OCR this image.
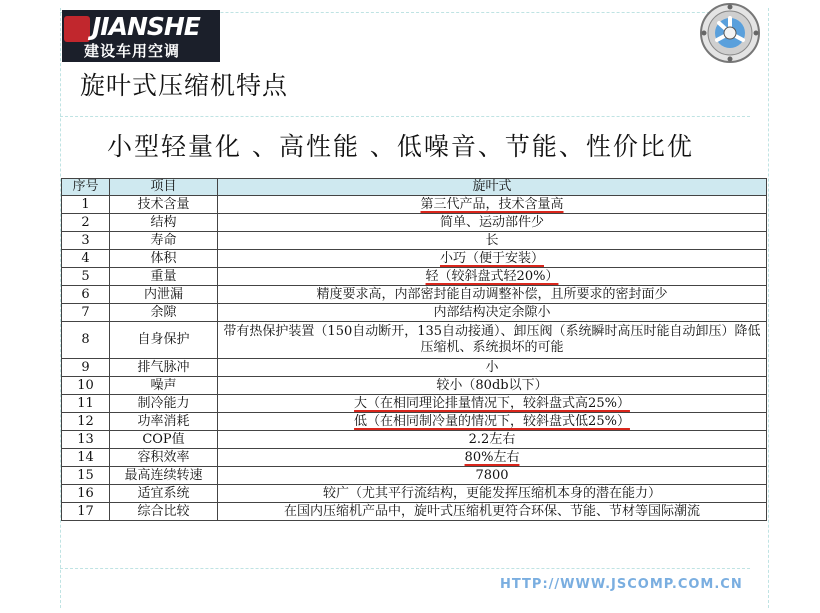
JIANSHE
建设车用空调
旋叶式压缩机特点
小型轻量化 、高性能 、低噪音、节能、性价比优
序号	项目	旋叶式
1	技术含量	第三代产品，技术含量高
2	结构	简单、运动部件少
3	寿命	长
4	体积	小巧（便于安装）
5	重量	轻（较斜盘式轻20%）
6	内泄漏	精度要求高，内部密封能自动调整补偿，且所要求的密封面少
7	余隙	内部结构决定余隙小
8	自身保护	带有热保护装置（150自动断开，135自动接通）、卸压阀（系统瞬时高压时能自动卸压）降低压缩机、系统损坏的可能
9	排气脉冲	小
10	噪声	较小（80db以下）
11	制冷能力	大（在相同理论排量情况下，较斜盘式高25%）
12	功率消耗	低（在相同制冷量的情况下，较斜盘式低25%）
13	COP值	2.2左右
14	容积效率	80%左右
15	最高连续转速	7800
16	适宜系统	较广（尤其平行流结构，更能发挥压缩机本身的潜在能力）
17	综合比较	在国内压缩机产品中，旋叶式压缩机更符合环保、节能、节材等国际潮流
HTTP://WWW.JSCOMP.COM.CN
